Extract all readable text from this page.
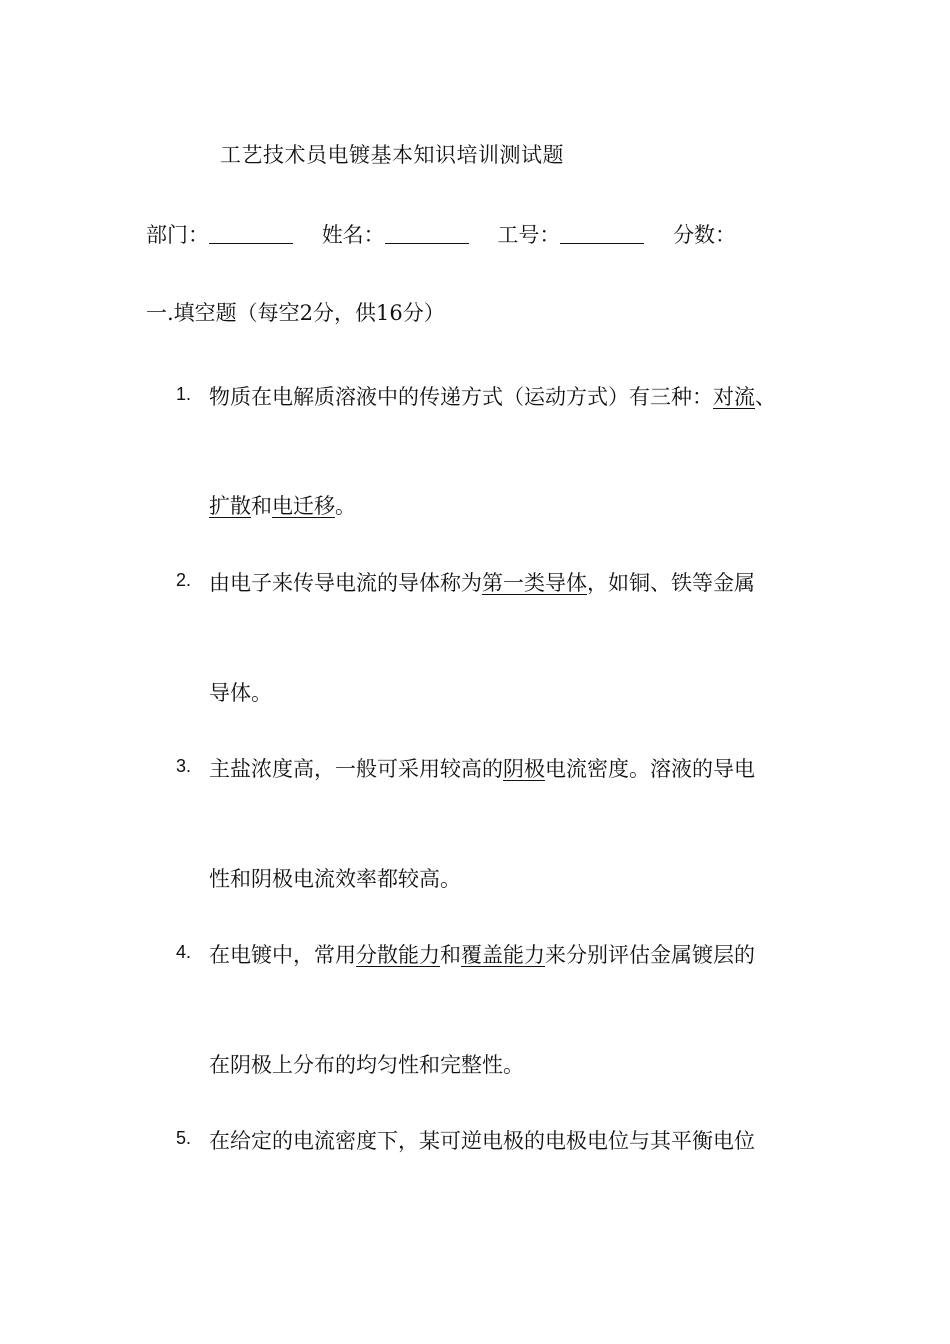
工艺技术员电镀基本知识培训测试题
部门：	姓名：	工号：	分数：
一.填空题（每空2分，供16分）
1. 物质在电解质溶液中的传递方式（运动方式）有三种：对流、
扩散和电迁移。
2. 由电子来传导电流的导体称为第一类导体，如铜、铁等金属
导体。
3. 主盐浓度高，一般可采用较高的阴极电流密度。溶液的导电
性和阴极电流效率都较高。
4. 在电镀中，常用分散能力和覆盖能力来分别评估金属镀层的
在阴极上分布的均匀性和完整性。
5. 在给定的电流密度下，某可逆电极的电极电位与其平衡电位
